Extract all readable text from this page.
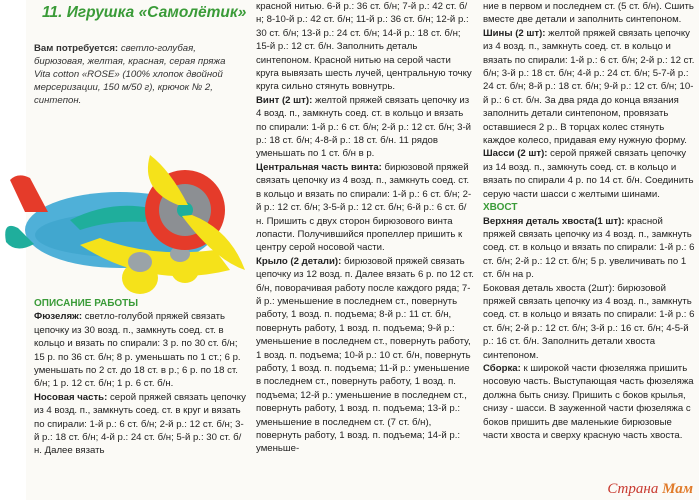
11. Игрушка «Самолётик»
Вам потребуется: светло-голубая, бирюзовая, желтая, красная, серая пряжа Vita cotton «ROSE» (100% хлопок двойной мерсеризации, 150 м/50 г), крючок № 2, синтепон.

ОПИСАНИЕ РАБОТЫ

Фюзеляж: светло-голубой пряжей связать цепочку из 30 возд. п., замкнуть соед. ст. в кольцо и вязать по спирали: 3 р. по 30 ст. б/н; 15 р. по 36 ст. б/н; 8 р. уменьшать по 1 ст.; 6 р. уменьшать по 2 ст. до 18 ст. в р.; 6 р. по 18 ст. б/н; 1 р. 12 ст. б/н; 1 р. 6 ст. б/н.

Носовая часть: серой пряжей связать цепочку из 4 возд. п., замкнуть соед. ст. в круг и вязать по спирали: 1-й р.: 6 ст. б/н; 2-й р.: 12 ст. б/н; 3-й р.: 18 ст. б/н; 4-й р.: 24 ст. б/н; 5-й р.: 30 ст. б/н. Далее вязать

красной нитью. 6-й р.: 36 ст. б/н; 7-й р.: 42 ст. б/н; 8-10-й р.: 42 ст. б/н; 11-й р.: 36 ст. б/н; 12-й р.: 30 ст. б/н; 13-й р.: 24 ст. б/н; 14-й р.: 18 ст. б/н; 15-й р.: 12 ст. б/н. Заполнить деталь синтепоном. Красной нитью на серой части круга вывязать шесть лучей, центральную точку круга сильно стянуть вовнутрь.

Винт (2 шт): желтой пряжей связать цепочку из 4 возд. п., замкнуть соед. ст. в кольцо и вязать по спирали: 1-й р.: 6 ст. б/н; 2-й р.: 12 ст. б/н; 3-й р.: 18 ст. б/н; 4-8-й р.: 18 ст. б/н. 11 рядов уменьшать по 1 ст. б/н в р.

Центральная часть винта: бирюзовой пряжей связать цепочку из 4 возд. п., замкнуть соед. ст. в кольцо и вязать по спирали: 1-й р.: 6 ст. б/н; 2-й р.: 12 ст. б/н; 3-5-й р.: 12 ст. б/н; 6-й р.: 6 ст. б/н. Пришить с двух сторон бирюзового винта лопасти. Получившийся пропеллер пришить к центру серой носовой части.

Крыло (2 детали): бирюзовой пряжей связать цепочку из 12 возд. п. Далее вязать 6 р. по 12 ст. б/н, поворачивая работу после каждого ряда; 7-й р.: уменьшение в последнем ст., повернуть работу, 1 возд. п. подъема; 8-й р.: 11 ст. б/н, повернуть работу, 1 возд. п. подъема; 9-й р.: уменьшение в последнем ст., повернуть работу, 1 возд. п. подъема; 10-й р.: 10 ст. б/н, повернуть работу, 1 возд. п. подъема; 11-й р.: уменьшение в последнем ст., повернуть работу, 1 возд. п. подъема; 12-й р.: уменьшение в последнем ст., повернуть работу, 1 возд. п. подъема; 13-й р.: уменьшение в последнем ст. (7 ст. б/н), повернуть работу, 1 возд. п. подъема; 14-й р.: уменьше-

ние в первом и последнем ст. (5 ст. б/н). Сшить вместе две детали и заполнить синтепоном.

Шины (2 шт): желтой пряжей связать цепочку из 4 возд. п., замкнуть соед. ст. в кольцо и вязать по спирали: 1-й р.: 6 ст. б/н; 2-й р.: 12 ст. б/н; 3-й р.: 18 ст. б/н; 4-й р.: 24 ст. б/н; 5-7-й р.: 24 ст. б/н; 8-й р.: 18 ст. б/н; 9-й р.: 12 ст. б/н; 10-й р.: 6 ст. б/н. За два ряда до конца вязания заполнить детали синтепоном, провязать оставшиеся 2 р.. В торцах колес стянуть каждое колесо, придавая ему нужную форму.

Шасси (2 шт): серой пряжей связать цепочку из 14 возд. п., замкнуть соед. ст. в кольцо и вязать по спирали 4 р. по 14 ст. б/н. Соединить серую части шасси с желтыми шинами.

ХВОСТ

Верхняя деталь хвоста(1 шт): красной пряжей связать цепочку из 4 возд. п., замкнуть соед. ст. в кольцо и вязать по спирали: 1-й р.: 6 ст. б/н; 2-й р.: 12 ст. б/н; 5 р. увеличивать по 1 ст. б/н на р.

Боковая деталь хвоста (2шт): бирюзовой пряжей связать цепочку из 4 возд. п., замкнуть соед. ст. в кольцо и вязать по спирали: 1-й р.: 6 ст. б/н; 2-й р.: 12 ст. б/н; 3-й р.: 16 ст. б/н; 4-5-й р.: 16 ст. б/н. Заполнить детали хвоста синтепоном.

Сборка: к широкой части фюзеляжа пришить носовую часть. Выступающая часть фюзеляжа должна быть снизу. Пришить с боков крылья, снизу - шасси. В зауженной части фюзеляжа с боков пришить две маленькие бирюзовые части хвоста и сверху красную часть хвоста.

Страна Мам
